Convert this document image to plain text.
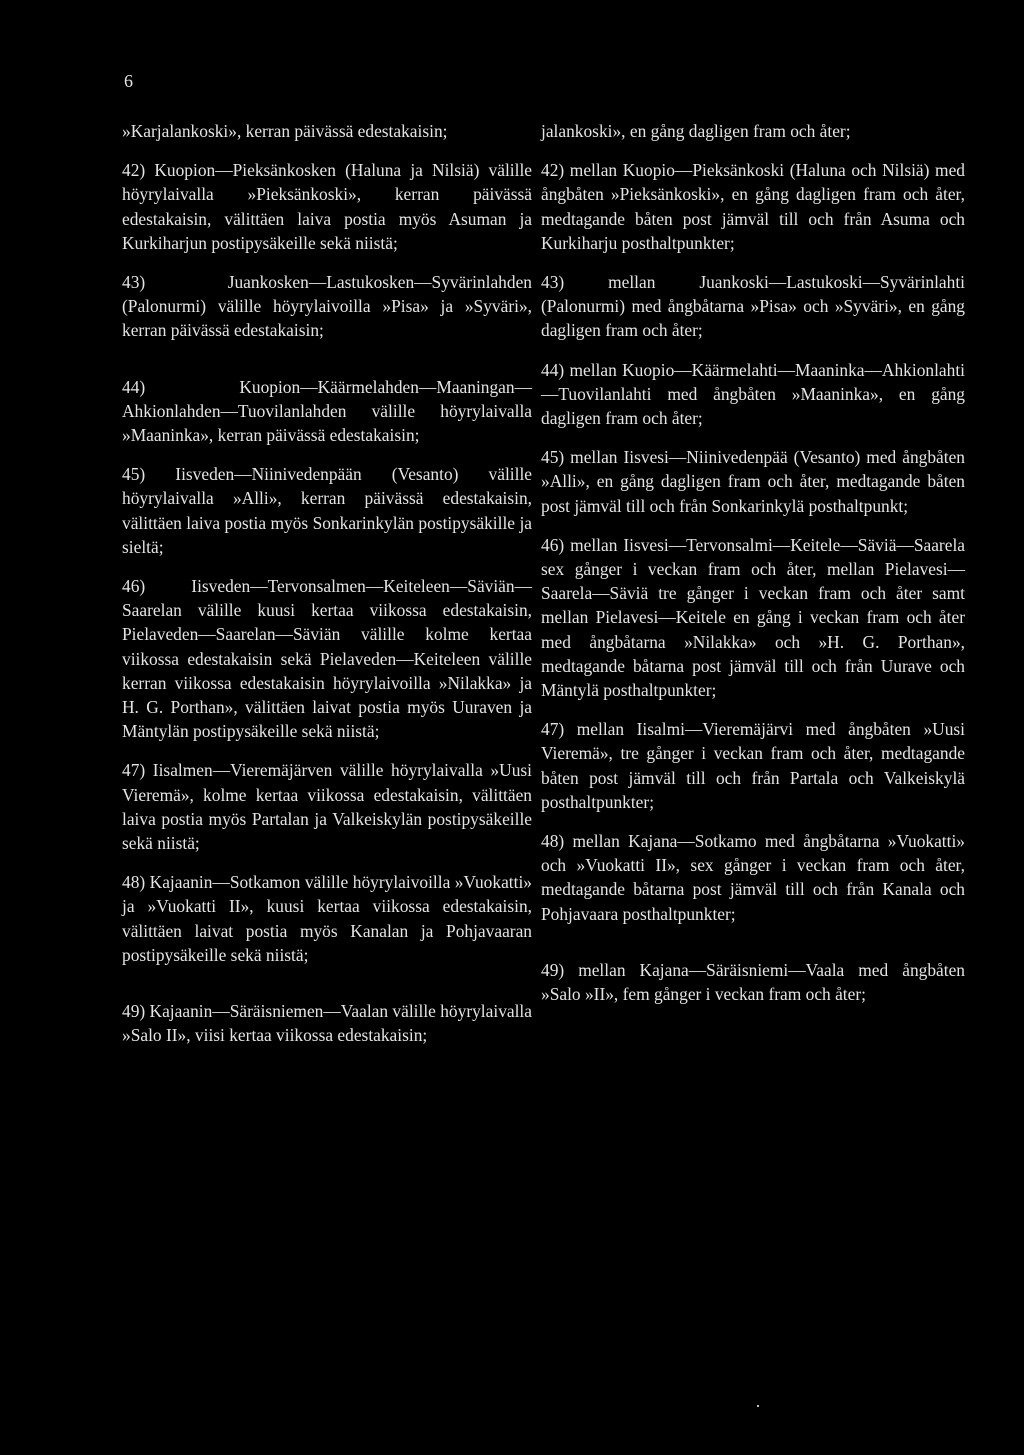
6

»Karjalankoski», kerran päivässä edestakaisin;

42) Kuopion—Pieksänkosken (Haluna ja Nilsiä) välille höyrylaivalla »Pieksänkoski», kerran päivässä edestakaisin, välittäen laiva postia myös Asuman ja Kurkiharjun postipysäkeille sekä niistä;

43) Juankosken—Lastukosken—Syvärinlahden (Palonurmi) välille höyrylaivoilla »Pisa» ja »Syväri», kerran päivässä edestakaisin;

44) Kuopion—Käärmelahden—Maaningan—Ahkionlahden—Tuovilanlahden välille höyrylaivalla »Maaninka», kerran päivässä edestakaisin;

45) Iisveden—Niinivedenpään (Vesanto) välille höyrylaivalla »Alli», kerran päivässä edestakaisin, välittäen laiva postia myös Sonkarinkylän postipysäkille ja sieltä;

46) Iisveden—Tervonsalmen—Keiteleen—Säviän—Saarelan välille kuusi kertaa viikossa edestakaisin, Pielaveden—Saarelan—Säviän välille kolme kertaa viikossa edestakaisin sekä Pielaveden—Keiteleen välille kerran viikossa edestakaisin höyrylaivoilla »Nilakka» ja H. G. Porthan», välittäen laivat postia myös Uuraven ja Mäntylän postipysäkeille sekä niistä;

47) Iisalmen—Vieremäjärven välille höyrylaivalla »Uusi Vieremä», kolme kertaa viikossa edestakaisin, välittäen laiva postia myös Partalan ja Valkeiskylän postipysäkeille sekä niistä;

48) Kajaanin—Sotkamon välille höyrylaivoilla »Vuokatti» ja »Vuokatti II», kuusi kertaa viikossa edestakaisin, välittäen laivat postia myös Kanalan ja Pohjavaaran postipysäkeille sekä niistä;

49) Kajaanin—Säräisniemen—Vaalan välille höyrylaivalla »Salo II», viisi kertaa viikossa edestakaisin;

jalankoski», en gång dagligen fram och åter;

42) mellan Kuopio—Pieksänkoski (Haluna och Nilsiä) med ångbåten »Pieksänkoski», en gång dagligen fram och åter, medtagande båten post jämväl till och från Asuma och Kurkiharju posthaltpunkter;

43) mellan Juankoski—Lastukoski—Syvärinlahti (Palonurmi) med ångbåtarna »Pisa» och »Syväri», en gång dagligen fram och åter;

44) mellan Kuopio—Käärmelahti—Maaninka—Ahkionlahti—Tuovilanlahti med ångbåten »Maaninka», en gång dagligen fram och åter;

45) mellan Iisvesi—Niinivedenpää (Vesanto) med ångbåten »Alli», en gång dagligen fram och åter, medtagande båten post jämväl till och från Sonkarinkylä posthaltpunkt;

46) mellan Iisvesi—Tervonsalmi—Keitele—Säviä—Saarela sex gånger i veckan fram och åter, mellan Pielavesi—Saarela—Säviä tre gånger i veckan fram och åter samt mellan Pielavesi—Keitele en gång i veckan fram och åter med ångbåtarna »Nilakka» och »H. G. Porthan», medtagande båtarna post jämväl till och från Uurave och Mäntylä posthaltpunkter;

47) mellan Iisalmi—Vieremäjärvi med ångbåten »Uusi Vieremä», tre gånger i veckan fram och åter, medtagande båten post jämväl till och från Partala och Valkeiskylä posthaltpunkter;

48) mellan Kajana—Sotkamo med ångbåtarna »Vuokatti» och »Vuokatti II», sex gånger i veckan fram och åter, medtagande båtarna post jämväl till och från Kanala och Pohjavaara posthaltpunkter;

49) mellan Kajana—Säräisniemi—Vaala med ångbåten »Salo »II», fem gånger i veckan fram och åter;
